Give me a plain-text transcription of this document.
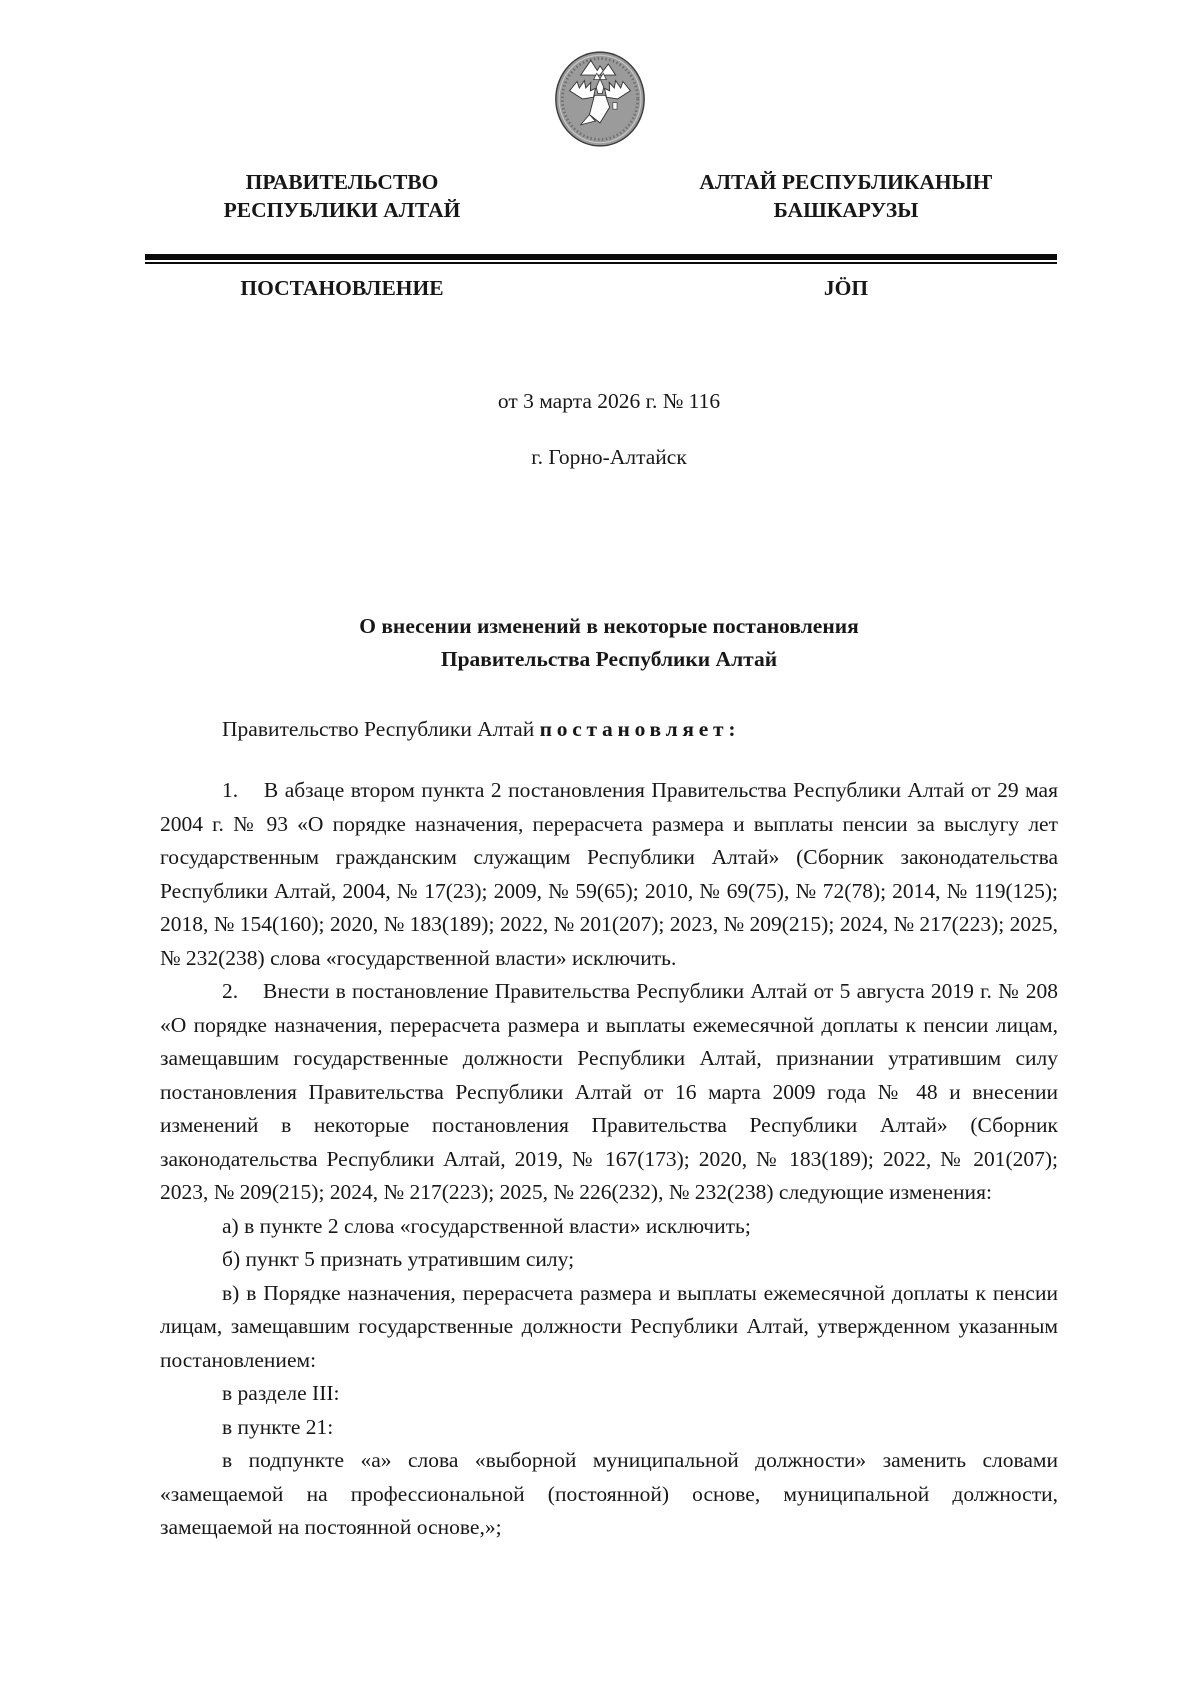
ПРАВИТЕЛЬСТВО
РЕСПУБЛИКИ АЛТАЙ
АЛТАЙ РЕСПУБЛИКАНЫҤ
БАШКАРУЗЫ
ПОСТАНОВЛЕНИЕ	JÖП
от 3 марта 2026 г. № 116
г. Горно-Алтайск
О внесении изменений в некоторые постановления
Правительства Республики Алтай

Правительство Республики Алтай постановляет:

1.    В абзаце втором пункта 2 постановления Правительства Республики Алтай от 29 мая 2004 г. № 93 «О порядке назначения, перерасчета размера и выплаты пенсии за выслугу лет государственным гражданским служащим Республики Алтай» (Сборник законодательства Республики Алтай, 2004, № 17(23); 2009, № 59(65); 2010, № 69(75), № 72(78); 2014, № 119(125); 2018, № 154(160); 2020, № 183(189); 2022, № 201(207); 2023, № 209(215); 2024, № 217(223); 2025, № 232(238) слова «государственной власти» исключить.

2.    Внести в постановление Правительства Республики Алтай от 5 августа 2019 г. № 208 «О порядке назначения, перерасчета размера и выплаты ежемесячной доплаты к пенсии лицам, замещавшим государственные должности Республики Алтай, признании утратившим силу постановления Правительства Республики Алтай от 16 марта 2009 года № 48 и внесении изменений в некоторые постановления Правительства Республики Алтай» (Сборник законодательства Республики Алтай, 2019, № 167(173); 2020, № 183(189); 2022, № 201(207); 2023, № 209(215); 2024, № 217(223); 2025, № 226(232), № 232(238) следующие изменения:

а) в пункте 2 слова «государственной власти» исключить;

б) пункт 5 признать утратившим силу;

в) в Порядке назначения, перерасчета размера и выплаты ежемесячной доплаты к пенсии лицам, замещавшим государственные должности Республики Алтай, утвержденном указанным постановлением:

в разделе III:

в пункте 21:

в подпункте «а» слова «выборной муниципальной должности» заменить словами «замещаемой на профессиональной (постоянной) основе, муниципальной должности, замещаемой на постоянной основе,»;
